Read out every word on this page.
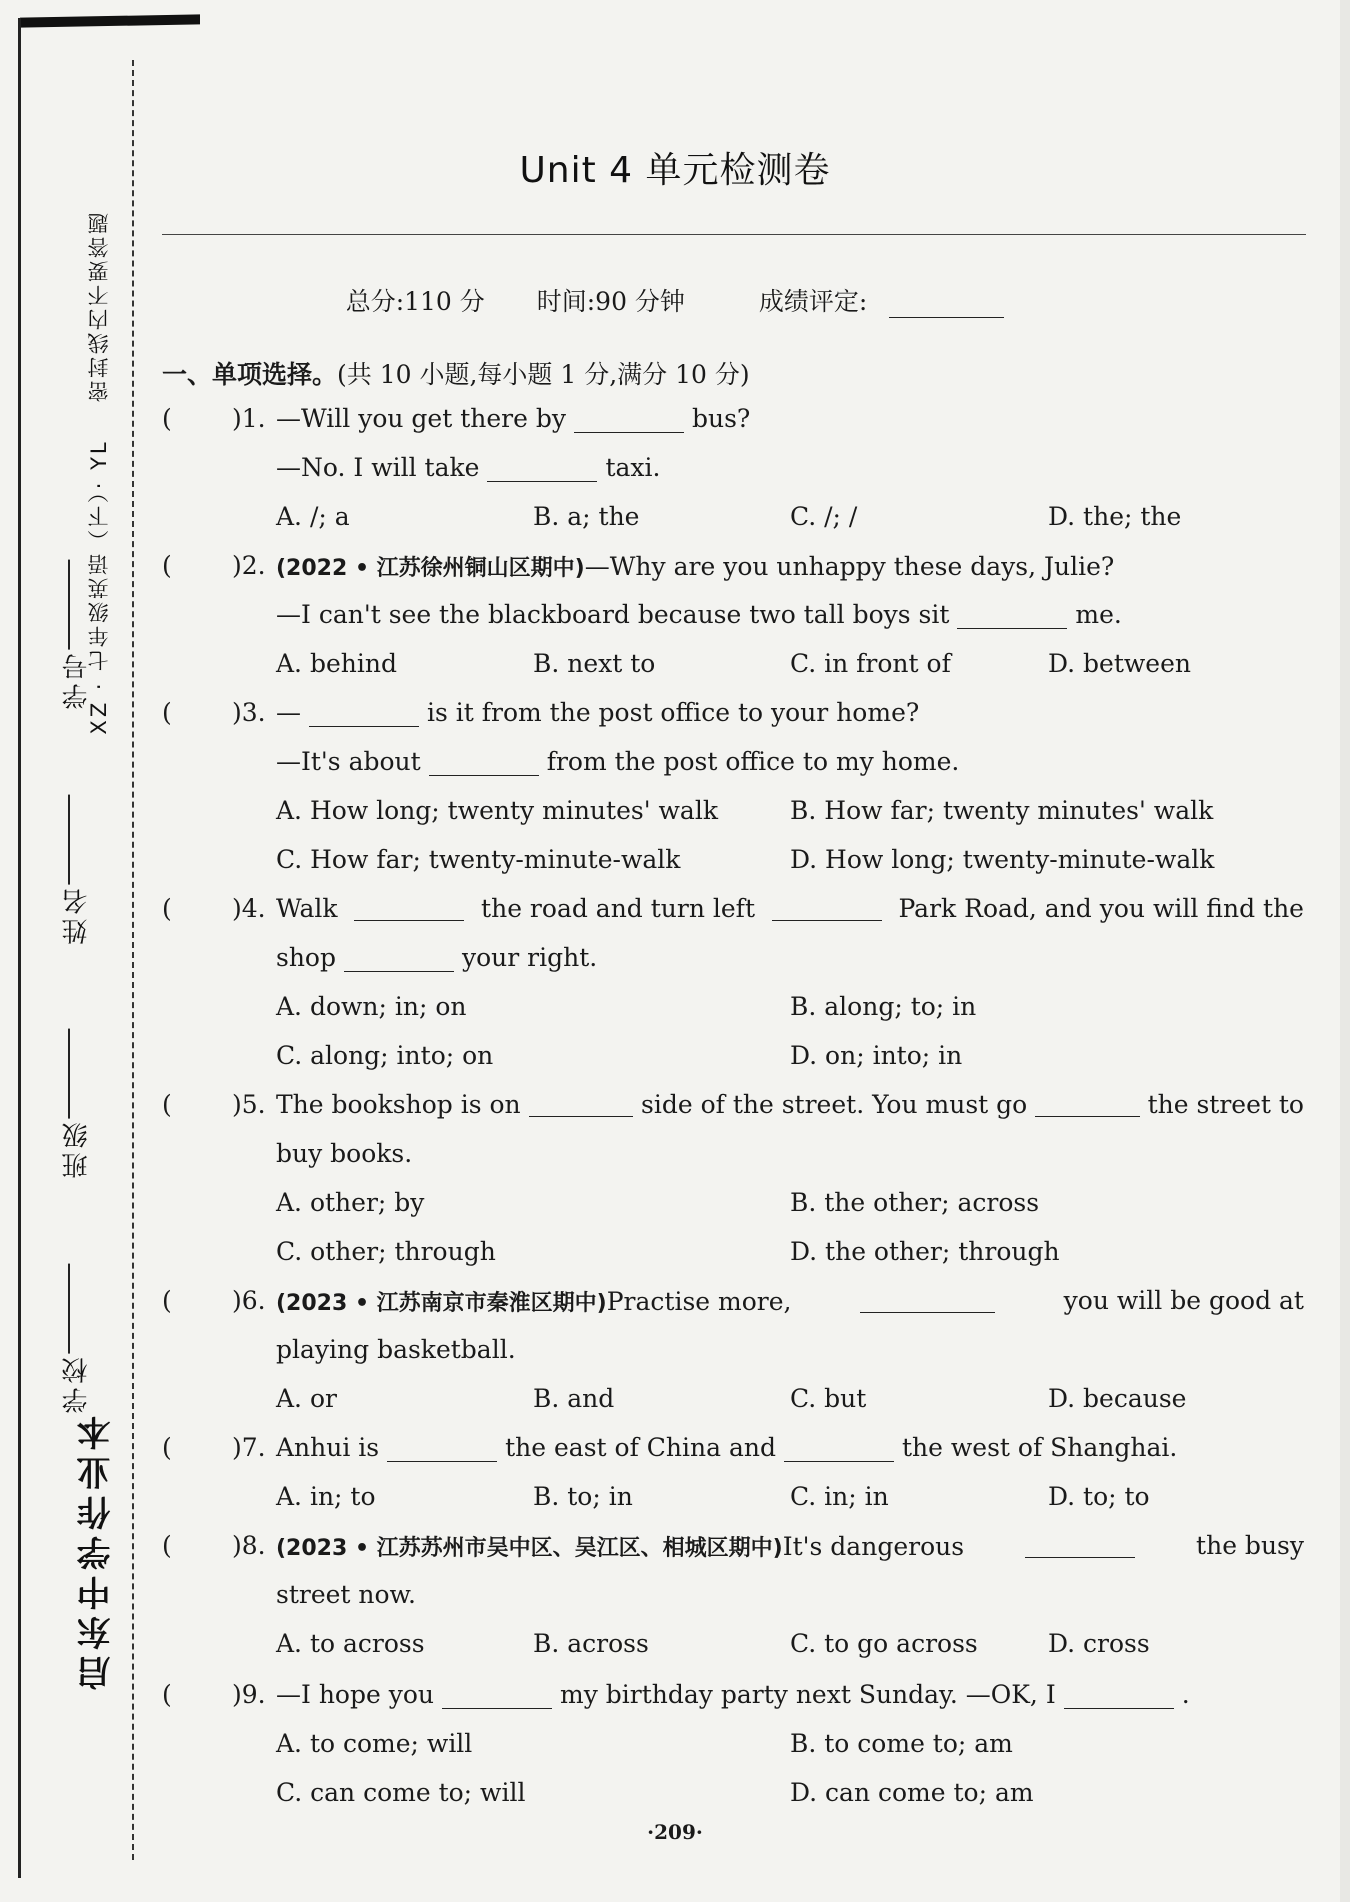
学校  班级  姓名  学号
XZ · 七年级英语（下）· YL  密封线内不要答题
启东中学作业本
Unit 4 单元检测卷
总分:110 分 时间:90 分钟	成绩评定:
一、单项选择。(共 10 小题,每小题 1 分,满分 10 分)
( )1. —Will you get there by	bus?
—No. I will take	taxi.
A. /; a	B. a; the	C. /; /	D. the; the
( )2. (2022 • 江苏徐州铜山区期中)—Why are you unhappy these days, Julie?
—I can't see the blackboard because two tall boys sit	me.
A. behind	B. next to	C. in front of	D. between
( )3. —	is it from the post office to your home?
—It's about	from the post office to my home.
A. How long; twenty minutes' walk	B. How far; twenty minutes' walk
C. How far; twenty-minute-walk	D. How long; twenty-minute-walk
( )4. Walk	the road and turn left	Park Road, and you will find the
shop	your right.
A. down; in; on	B. along; to; in
C. along; into; on	D. on; into; in
( )5. The bookshop is on	side of the street. You must go	the street to
buy books.
A. other; by	B. the other; across
C. other; through	D. the other; through
( )6. (2023 • 江苏南京市秦淮区期中)Practise more,	you will be good at
playing basketball.
A. or	B. and	C. but	D. because
( )7. Anhui is	the east of China and	the west of Shanghai.
A. in; to	B. to; in	C. in; in	D. to; to
( )8. (2023 • 江苏苏州市吴中区、吴江区、相城区期中)It's dangerous	the busy
street now.
A. to across	B. across	C. to go across	D. cross
( )9. —I hope you	my birthday party next Sunday. —OK, I	.
A. to come; will	B. to come to; am
C. can come to; will	D. can come to; am
·209·
